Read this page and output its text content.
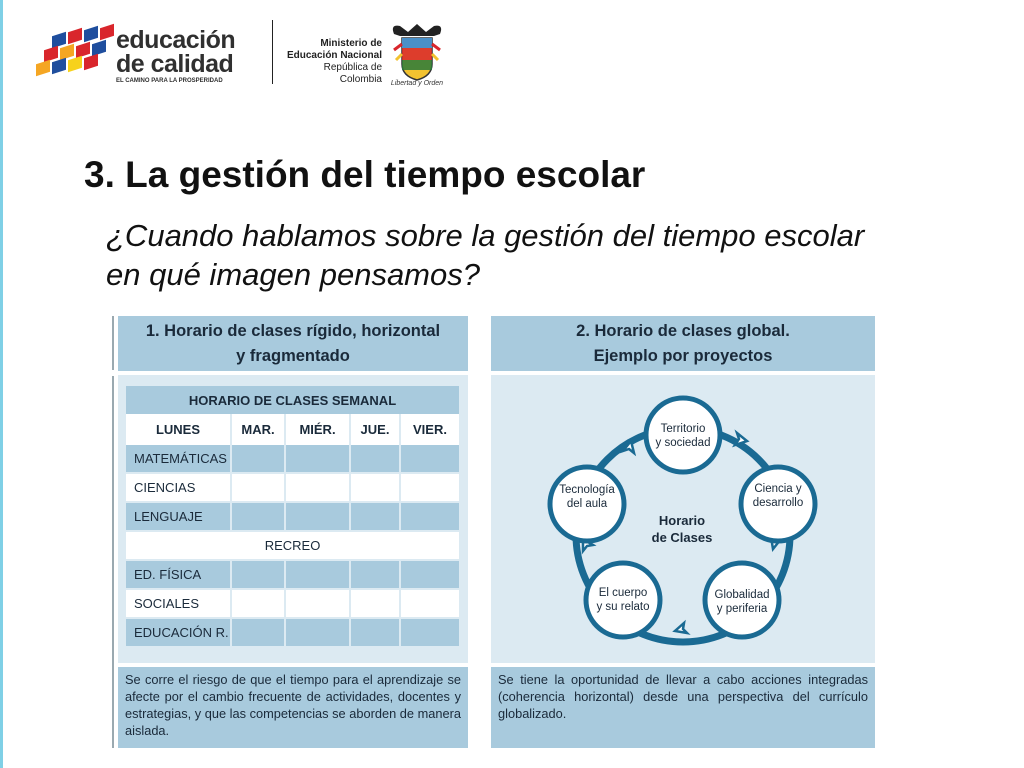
educación
de calidad
EL CAMINO PARA LA PROSPERIDAD
Ministerio de
Educación Nacional
República de Colombia	Libertad y Orden
3. La gestión del tiempo escolar
¿Cuando hablamos sobre la gestión del tiempo escolar en qué imagen pensamos?
1. Horario de clases rígido, horizontal
y fragmentado
HORARIO DE CLASES SEMANAL				
LUNES	MAR.	MIÉR.	JUE.	VIER.
MATEMÁTICAS				

CIENCIAS				

LENGUAJE				

RECREO				

ED. FÍSICA				

SOCIALES				

EDUCACIÓN R.				
Se corre el riesgo de que el tiempo para el aprendizaje se afecte por el cambio frecuente de actividades, docentes y estrategias, y que las competencias se aborden de manera aislada.
2. Horario de clases global.
Ejemplo por proyectos
Territorio
y sociedad
Ciencia y
desarrollo
Globalidad
y periferia
El cuerpo
y su relato
Tecnología
del aula
Horario
de Clases
Se tiene la oportunidad de llevar a cabo acciones integradas (coherencia horizontal) desde una perspectiva del currículo globalizado.
